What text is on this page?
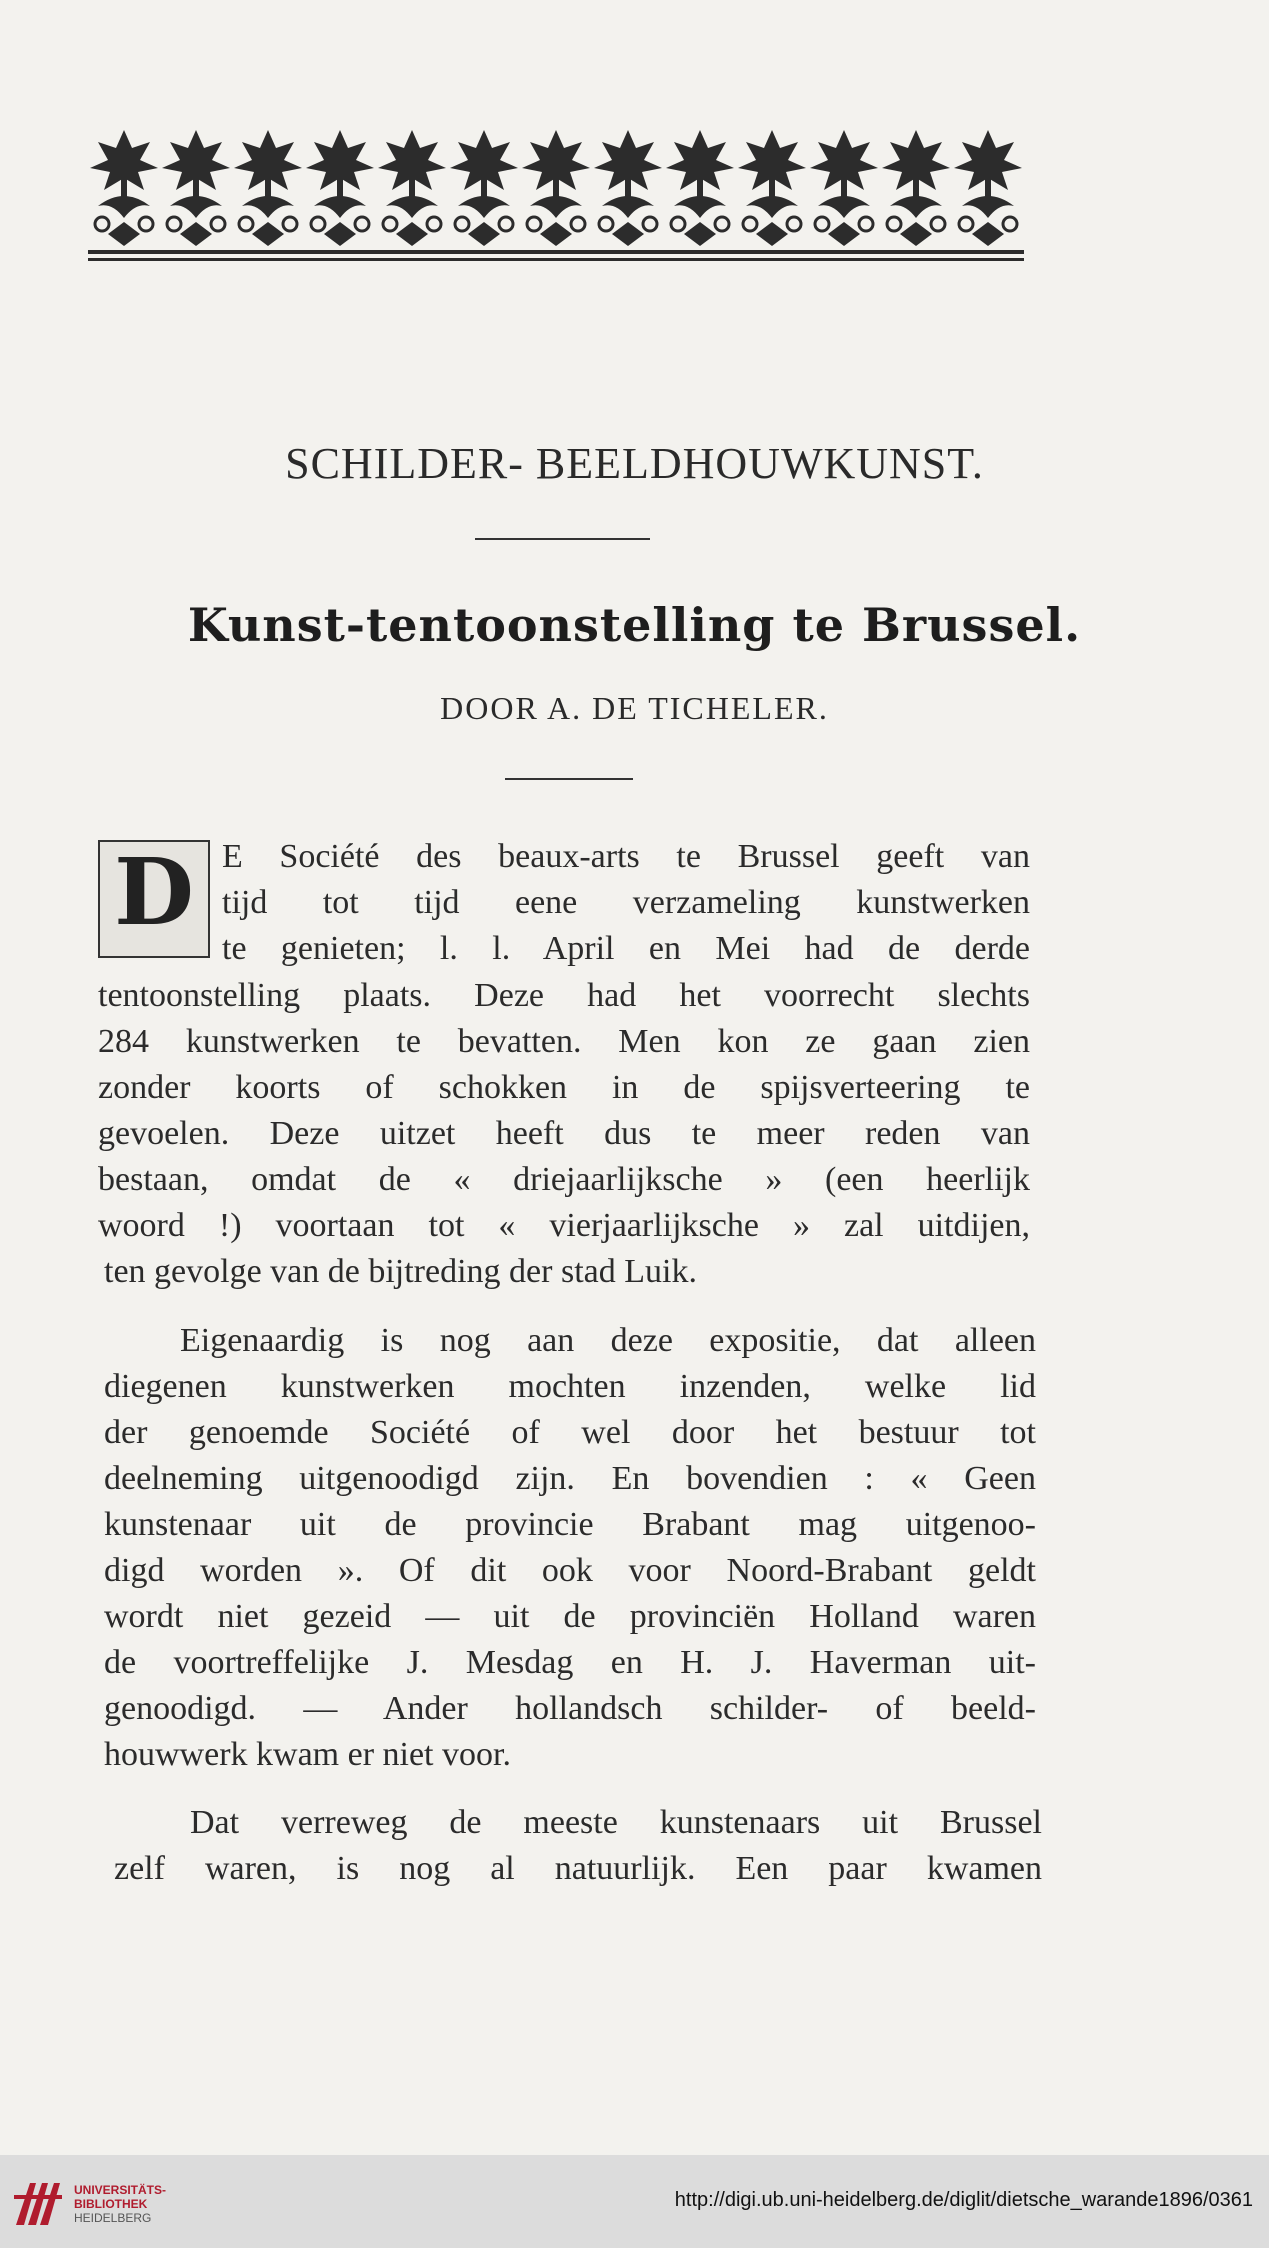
SCHILDER- BEELDHOUWKUNST.
Kunst-tentoonstelling te Brussel.
DOOR A. DE TICHELER.
D E Société des beaux-arts te Brussel geeft van
tijd tot tijd eene verzameling kunstwerken
te genieten; l. l. April en Mei had de derde
tentoonstelling plaats. Deze had het voorrecht slechts
284 kunstwerken te bevatten. Men kon ze gaan zien
zonder koorts of schokken in de spijsverteering te
gevoelen. Deze uitzet heeft dus te meer reden van
bestaan, omdat de « driejaarlijksche » (een heerlijk
woord !) voortaan tot « vierjaarlijksche » zal uitdijen,
ten gevolge van de bijtreding der stad Luik.
Eigenaardig is nog aan deze expositie, dat alleen
diegenen kunstwerken mochten inzenden, welke lid
der genoemde Société of wel door het bestuur tot
deelneming uitgenoodigd zijn. En bovendien : « Geen
kunstenaar uit de provincie Brabant mag uitgenoo-
digd worden ». Of dit ook voor Noord-Brabant geldt
wordt niet gezeid — uit de provinciën Holland waren
de voortreffelijke J. Mesdag en H. J. Haverman uit-
genoodigd. — Ander hollandsch schilder- of beeld-
houwwerk kwam er niet voor.
Dat verreweg de meeste kunstenaars uit Brussel
zelf waren, is nog al natuurlijk. Een paar kwamen
UNIVERSITÄTS-
BIBLIOTHEK
HEIDELBERG
http://digi.ub.uni-heidelberg.de/diglit/dietsche_warande1896/0361
